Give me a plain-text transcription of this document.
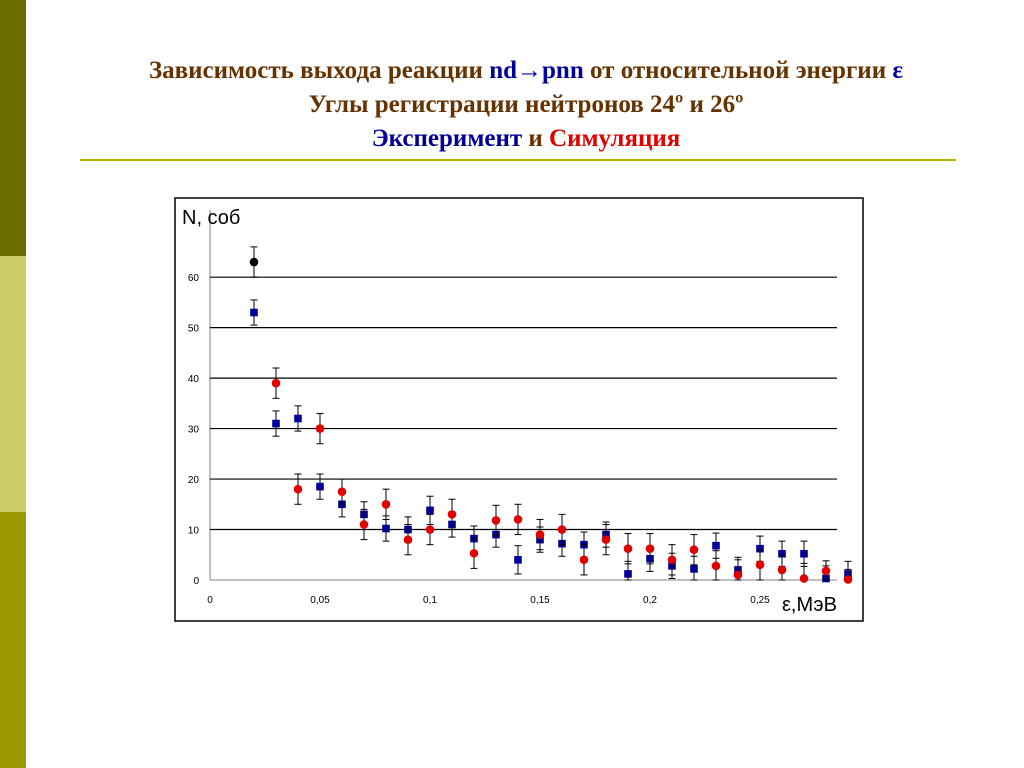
Зависимость выхода реакции nd→pnn от относительной энергии ε
Углы регистрации нейтронов 24º и 26º
Эксперимент и Симуляция
0
10
20
30
40
50
60
0	0,05	0,1	0,15	0,2	0,25
N, соб
ε,МэВ
